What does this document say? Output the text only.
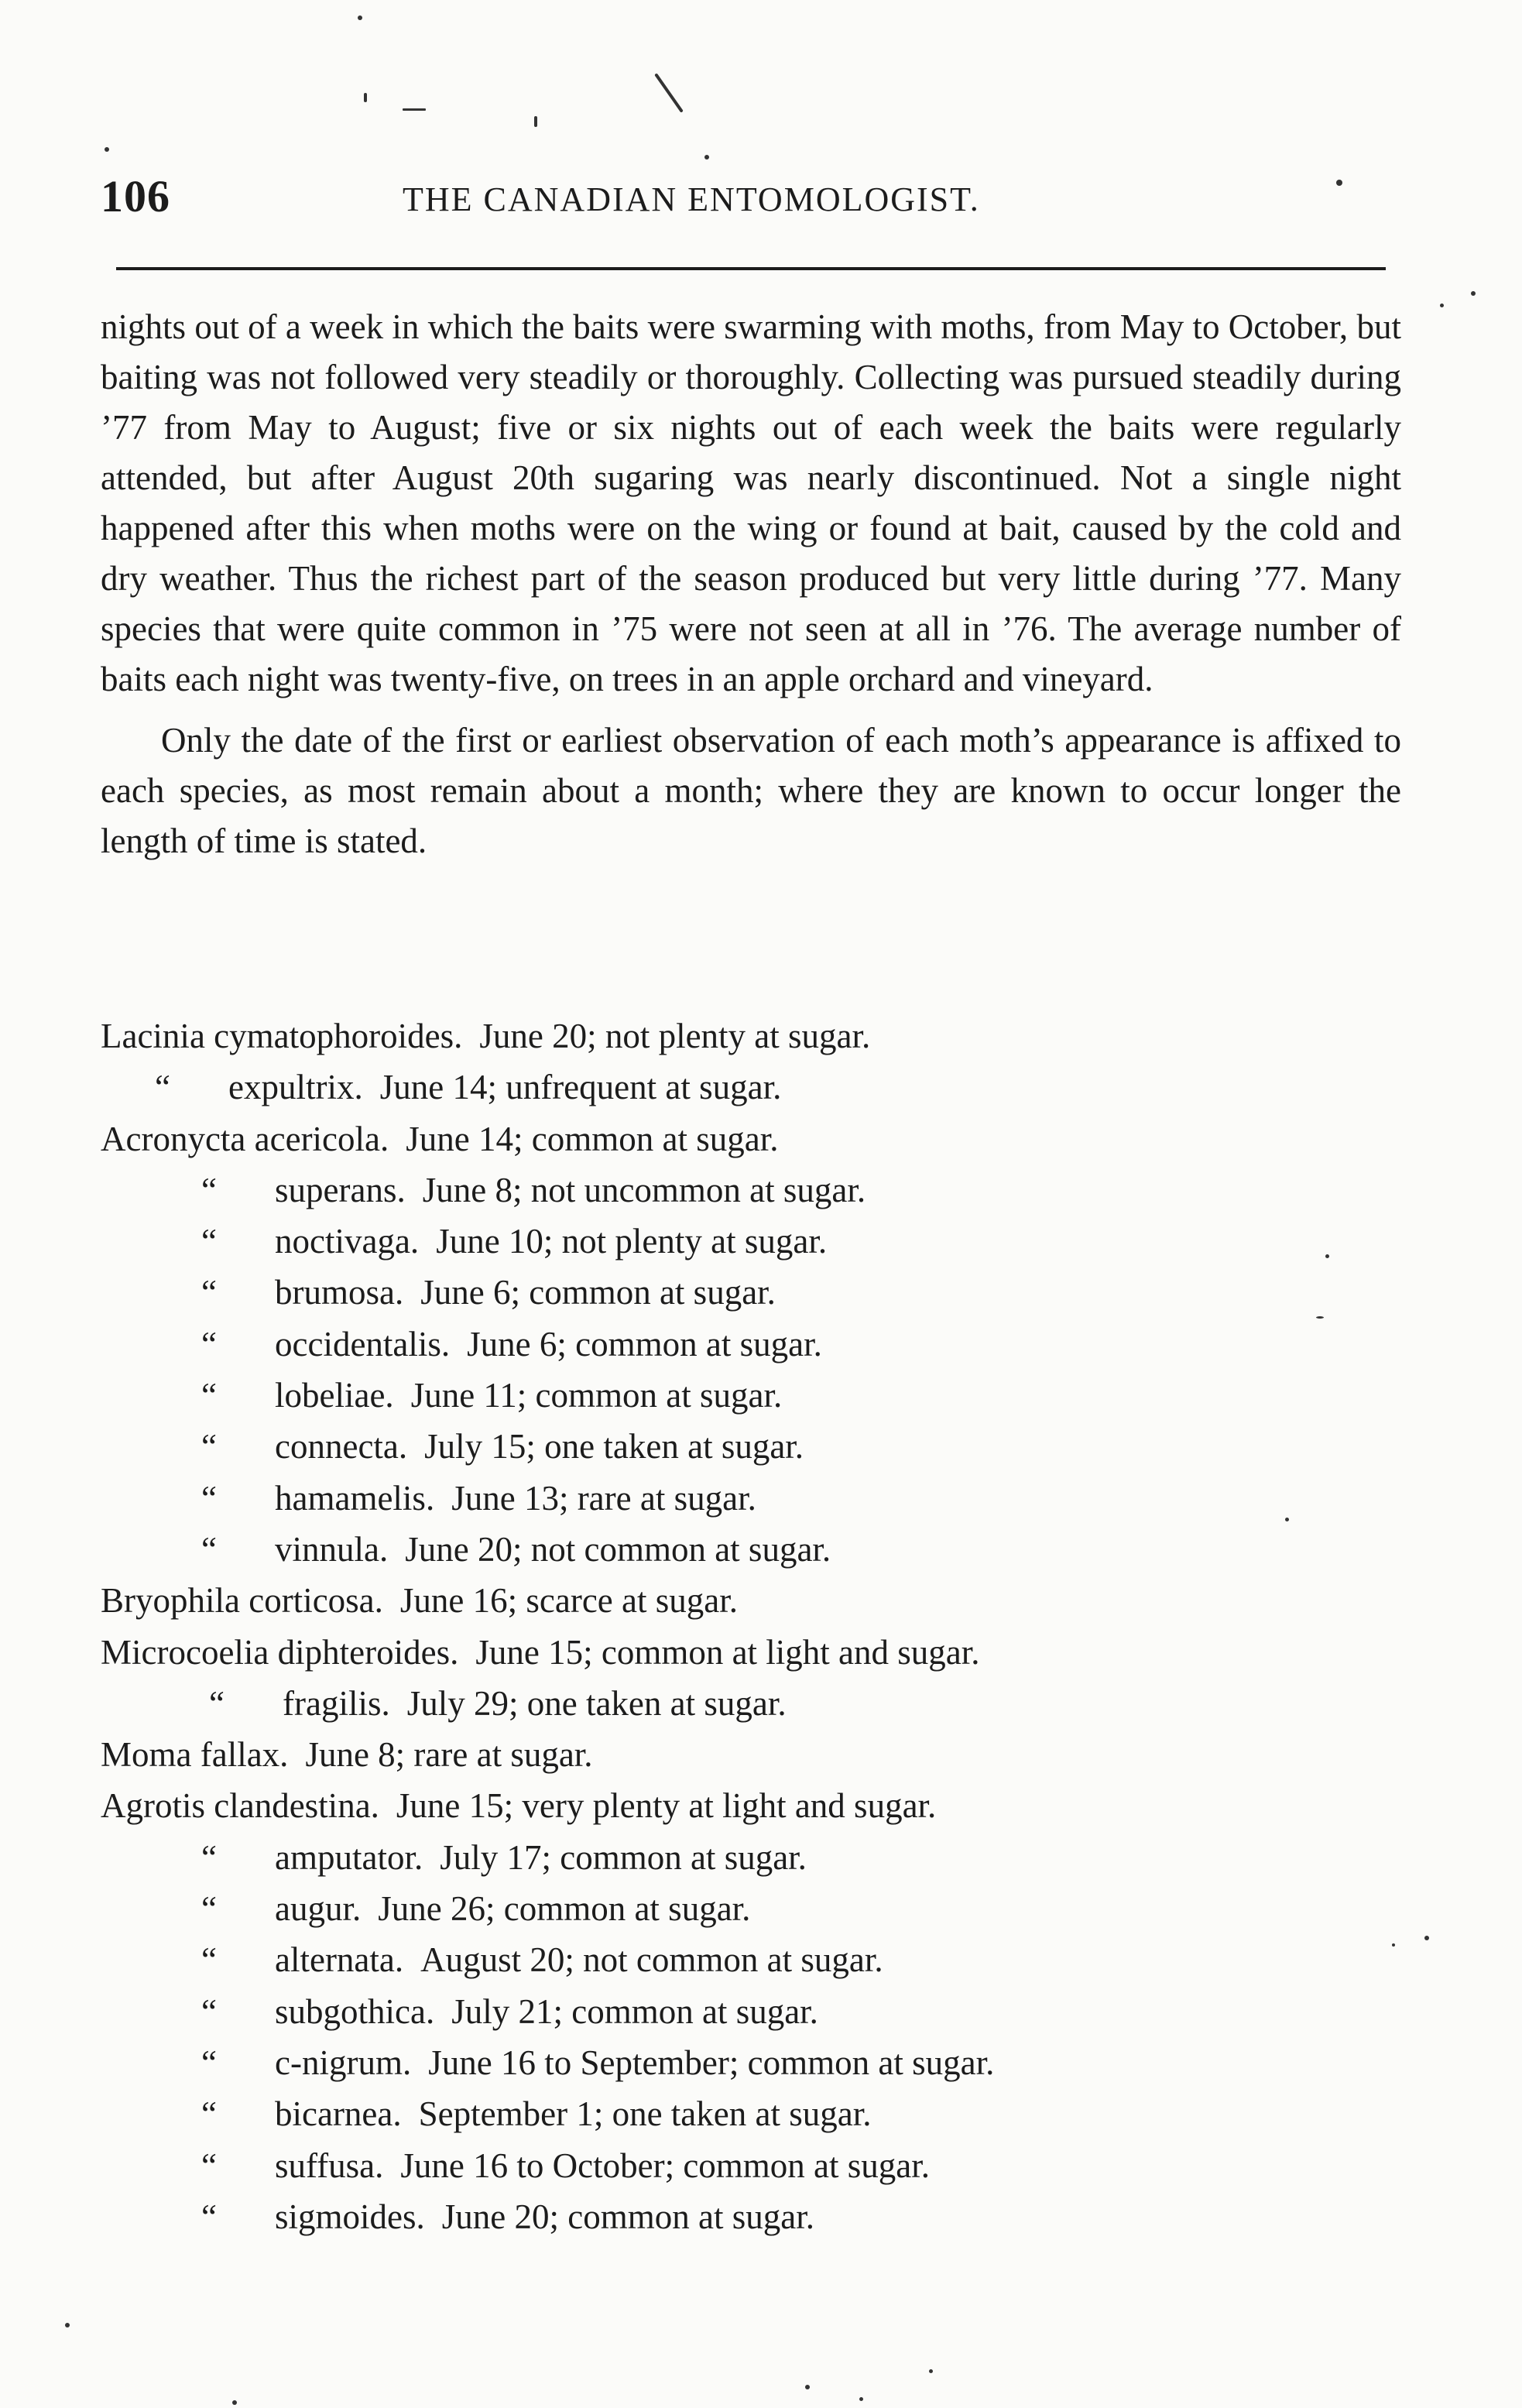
106	THE CANADIAN ENTOMOLOGIST.

nights out of a week in which the baits were swarming with moths, from May to October, but baiting was not followed very steadily or thoroughly. Collecting was pursued steadily during ’77 from May to August; five or six nights out of each week the baits were regularly attended, but after August 20th sugaring was nearly discontinued. Not a single night happened after this when moths were on the wing or found at bait, caused by the cold and dry weather. Thus the richest part of the season produced but very little during ’77. Many species that were quite common in ’75 were not seen at all in ’76. The average number of baits each night was twenty-five, on trees in an apple orchard and vineyard.

Only the date of the first or earliest observation of each moth’s appearance is affixed to each species, as most remain about a month; where they are known to occur longer the length of time is stated.

Lacinia cymatophoroides. June 20; not plenty at sugar.
“ expultrix. June 14; unfrequent at sugar.
Acronycta acericola. June 14; common at sugar.
“ superans. June 8; not uncommon at sugar.
“ noctivaga. June 10; not plenty at sugar.
“ brumosa. June 6; common at sugar.
“ occidentalis. June 6; common at sugar.
“ lobeliae. June 11; common at sugar.
“ connecta. July 15; one taken at sugar.
“ hamamelis. June 13; rare at sugar.
“ vinnula. June 20; not common at sugar.
Bryophila corticosa. June 16; scarce at sugar.
Microcoelia diphteroides. June 15; common at light and sugar.
“ fragilis. July 29; one taken at sugar.
Moma fallax. June 8; rare at sugar.
Agrotis clandestina. June 15; very plenty at light and sugar.
“ amputator. July 17; common at sugar.
“ augur. June 26; common at sugar.
“ alternata. August 20; not common at sugar.
“ subgothica. July 21; common at sugar.
“ c-nigrum. June 16 to September; common at sugar.
“ bicarnea. September 1; one taken at sugar.
“ suffusa. June 16 to October; common at sugar.
“ sigmoides. June 20; common at sugar.
